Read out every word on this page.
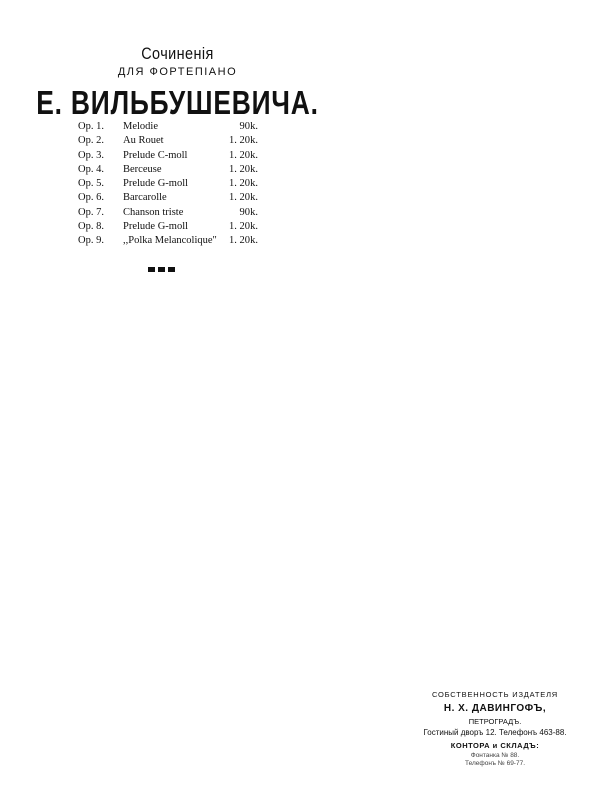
Сочиненія
ДЛЯ ФОРТЕПІАНО
Е. ВИЛЬБУШЕВИЧА.
Op. 1. Melodie	90 k.
Op. 2. Au Rouet	1. 20 k.
Op. 3. Prelude C-moll	1. 20 k.
Op. 4. Berceuse	1. 20 k.
Op. 5. Prelude G-moll	1. 20 k.
Op. 6. Barcarolle	1. 20 k.
Op. 7. Chanson triste	90 k.
Op. 8. Prelude G-moll	1. 20 k.
Op. 9. ,,Polka Melancolique" 1. 20 k.
СОБСТВЕННОСТЬ ИЗДАТЕЛЯ
Н. Х. ДАВИНГОФЪ,
ПЕТРОГРАДЪ.
Гостиный дворъ 12. Телефонъ 463-88.
КОНТОРА и СКЛАДЪ:
Фонтанка № 88.
Телефонъ № 69-77.
